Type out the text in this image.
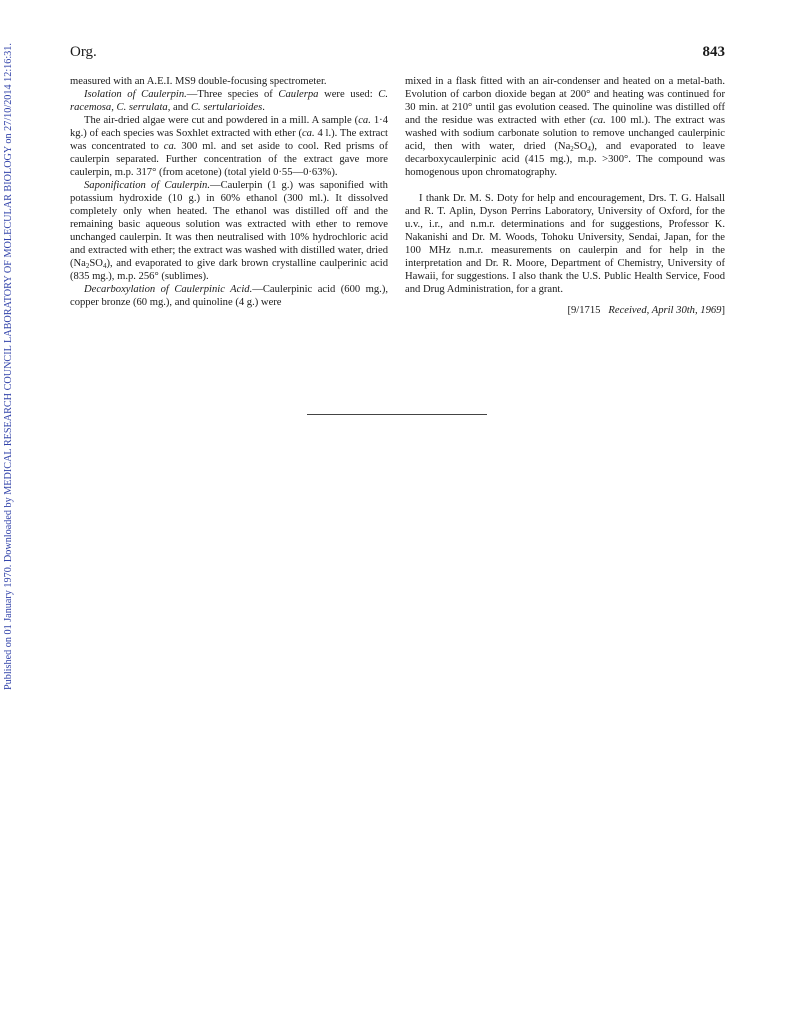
Published on 01 January 1970. Downloaded by MEDICAL RESEARCH COUNCIL LABORATORY OF MOLECULAR BIOLOGY on 27/10/2014 12:16:31.	Org.	843

measured with an A.E.I. MS9 double-focusing spectrometer.

Isolation of Caulerpin.—Three species of Caulerpa were used: C. racemosa, C. serrulata, and C. sertularioides.

The air-dried algae were cut and powdered in a mill. A sample (ca. 1·4 kg.) of each species was Soxhlet extracted with ether (ca. 4 l.). The extract was concentrated to ca. 300 ml. and set aside to cool. Red prisms of caulerpin separated. Further concentration of the extract gave more caulerpin, m.p. 317° (from acetone) (total yield 0·55—0·63%).

Saponification of Caulerpin.—Caulerpin (1 g.) was saponified with potassium hydroxide (10 g.) in 60% ethanol (300 ml.). It dissolved completely only when heated. The ethanol was distilled off and the remaining basic aqueous solution was extracted with ether to remove unchanged caulerpin. It was then neutralised with 10% hydrochloric acid and extracted with ether; the extract was washed with distilled water, dried $(Na_2SO_4)$, and evaporated to give dark brown crystalline caulperinic acid (835 mg.), m.p. 256° (sublimes).

Decarboxylation of Caulerpinic Acid.—Caulerpinic acid (600 mg.), copper bronze (60 mg.), and quinoline (4 g.) were

mixed in a flask fitted with an air-condenser and heated on a metal-bath. Evolution of carbon dioxide began at 200° and heating was continued for 30 min. at 210° until gas evolution ceased. The quinoline was distilled off and the residue was extracted with ether (ca. 100 ml.). The extract was washed with sodium carbonate solution to remove unchanged caulerpinic acid, then with water, dried $(Na_2SO_4)$, and evaporated to leave decarboxycaulerpinic acid (415 mg.), m.p. >300°. The compound was homogenous upon chromatography.

I thank Dr. M. S. Doty for help and encouragement, Drs. T. G. Halsall and R. T. Aplin, Dyson Perrins Laboratory, University of Oxford, for the u.v., i.r., and n.m.r. determinations and for suggestions, Professor K. Nakanishi and Dr. M. Woods, Tohoku University, Sendai, Japan, for the 100 MHz n.m.r. measurements on caulerpin and for help in the interpretation and Dr. R. Moore, Department of Chemistry, University of Hawaii, for suggestions. I also thank the U.S. Public Health Service, Food and Drug Administration, for a grant.

[9/1715 Received, April 30th, 1969]
